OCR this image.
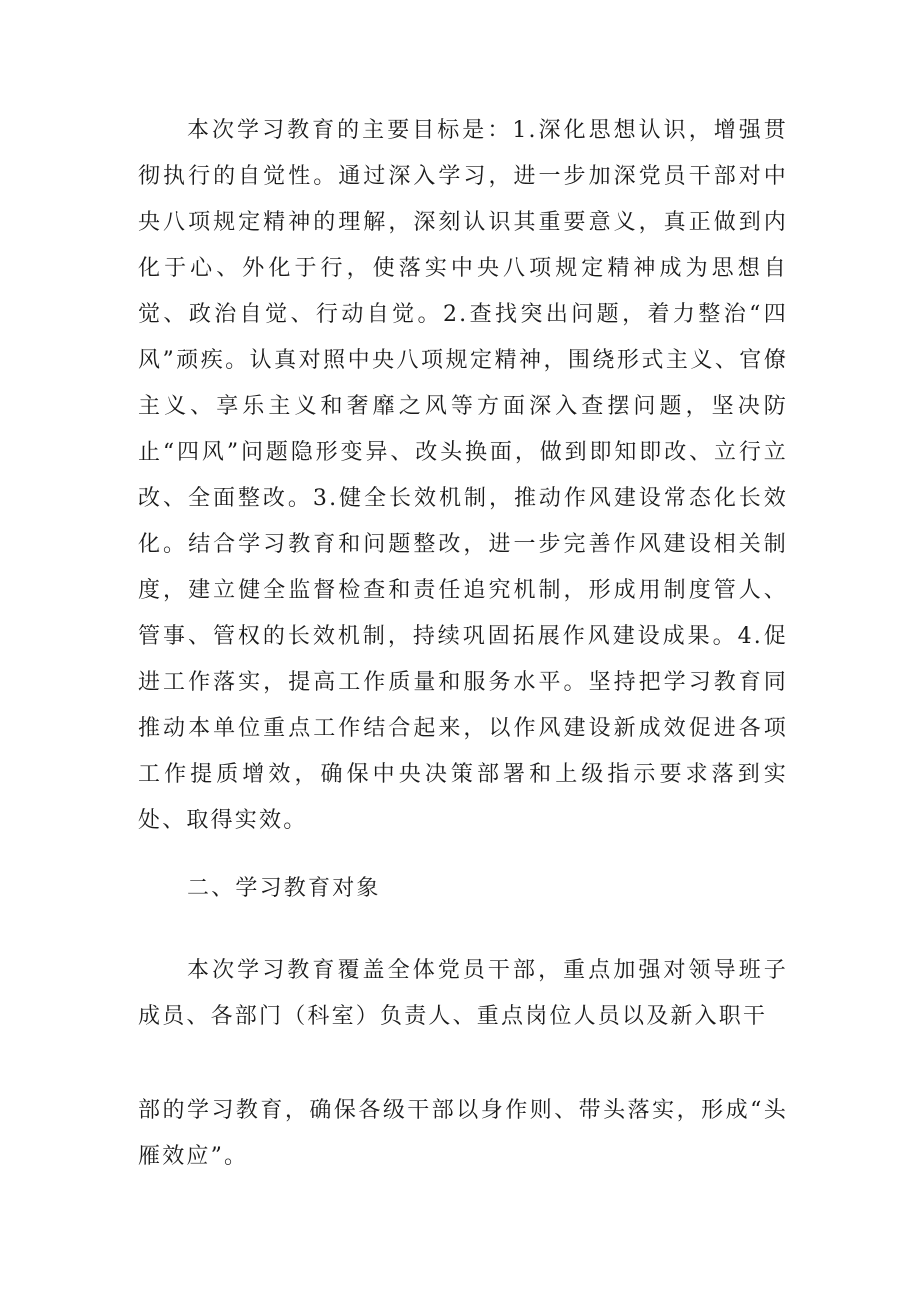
本次学习教育的主要目标是：1.深化思想认识，增强贯彻执行的自觉性。通过深入学习，进一步加深党员干部对中央八项规定精神的理解，深刻认识其重要意义，真正做到内化于心、外化于行，使落实中央八项规定精神成为思想自觉、政治自觉、行动自觉。2.查找突出问题，着力整治“四风”顽疾。认真对照中央八项规定精神，围绕形式主义、官僚主义、享乐主义和奢靡之风等方面深入查摆问题，坚决防止“四风”问题隐形变异、改头换面，做到即知即改、立行立改、全面整改。3.健全长效机制，推动作风建设常态化长效化。结合学习教育和问题整改，进一步完善作风建设相关制度，建立健全监督检查和责任追究机制，形成用制度管人、管事、管权的长效机制，持续巩固拓展作风建设成果。4.促进工作落实，提高工作质量和服务水平。坚持把学习教育同推动本单位重点工作结合起来，以作风建设新成效促进各项工作提质增效，确保中央决策部署和上级指示要求落到实处、取得实效。

二、学习教育对象

本次学习教育覆盖全体党员干部，重点加强对领导班子成员、各部门（科室）负责人、重点岗位人员以及新入职干

部的学习教育，确保各级干部以身作则、带头落实，形成“头雁效应”。
